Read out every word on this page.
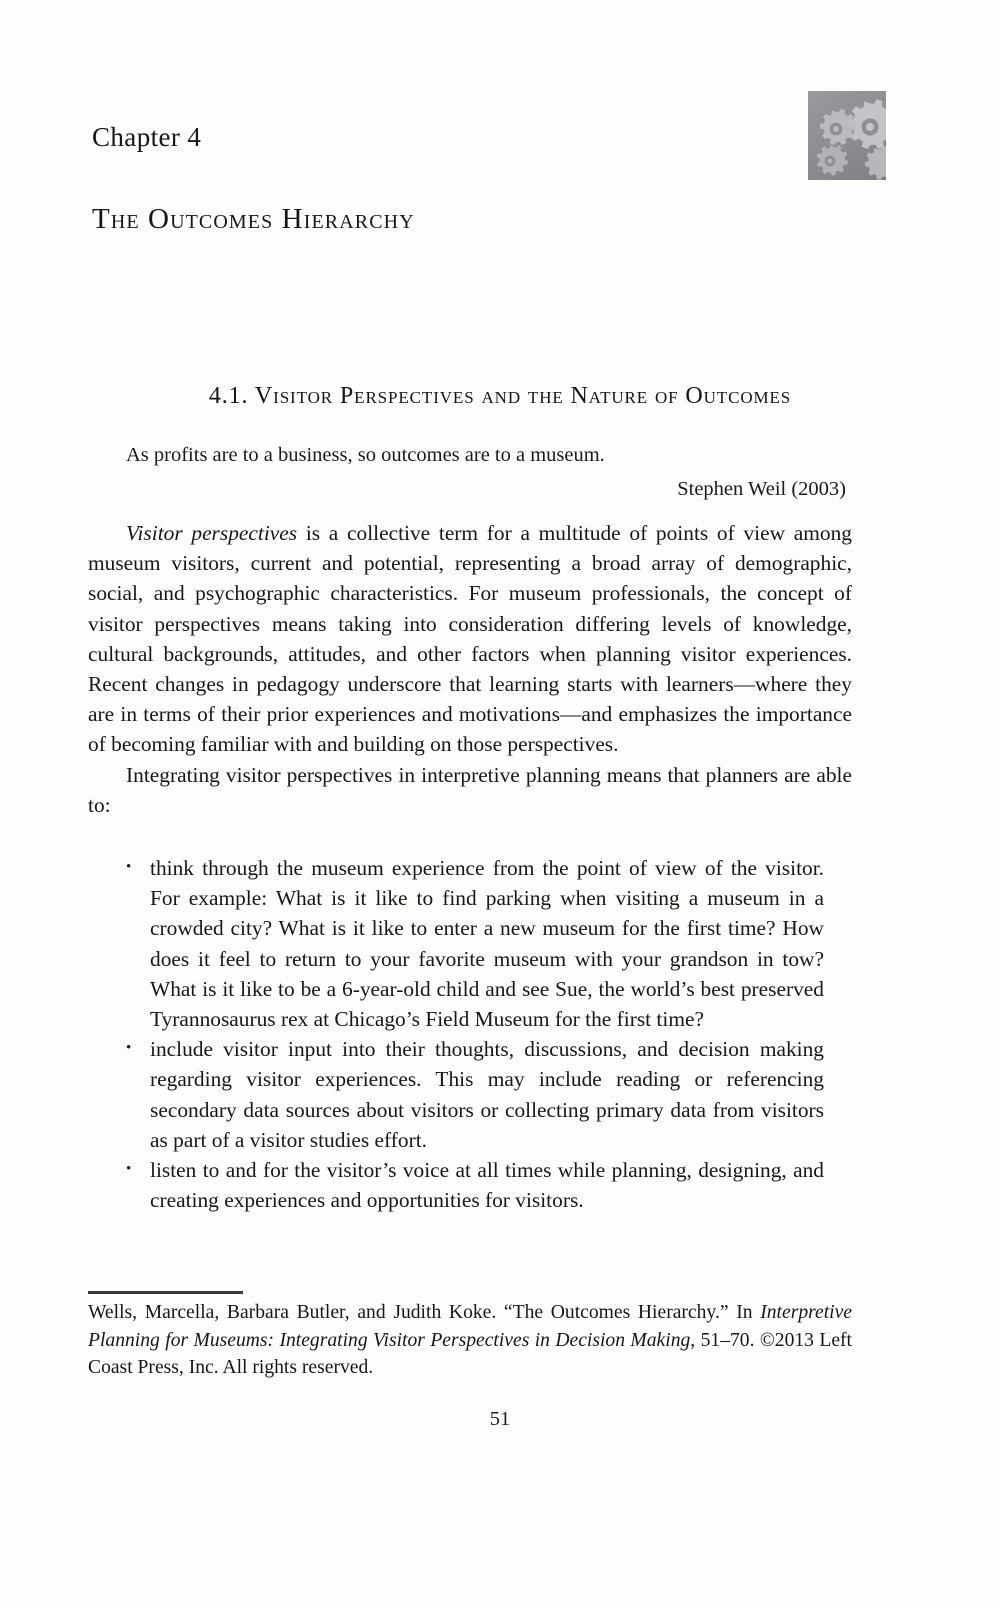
Chapter 4
The Outcomes Hierarchy
4.1. Visitor Perspectives and the Nature of Outcomes
As profits are to a business, so outcomes are to a museum.
Stephen Weil (2003)

Visitor perspectives is a collective term for a multitude of points of view among museum visitors, current and potential, representing a broad array of demographic, social, and psychographic characteristics. For museum professionals, the concept of visitor perspectives means taking into consideration differing levels of knowledge, cultural backgrounds, attitudes, and other factors when planning visitor experiences. Recent changes in pedagogy underscore that learning starts with learners—where they are in terms of their prior experiences and motivations—and emphasizes the importance of becoming familiar with and building on those perspectives.

Integrating visitor perspectives in interpretive planning means that planners are able to:

• think through the museum experience from the point of view of the visitor. For example: What is it like to find parking when visiting a museum in a crowded city? What is it like to enter a new museum for the first time? How does it feel to return to your favorite museum with your grandson in tow? What is it like to be a 6-year-old child and see Sue, the world’s best preserved Tyrannosaurus rex at Chicago’s Field Museum for the first time?
• include visitor input into their thoughts, discussions, and decision making regarding visitor experiences. This may include reading or referencing secondary data sources about visitors or collecting primary data from visitors as part of a visitor studies effort.
• listen to and for the visitor’s voice at all times while planning, designing, and creating experiences and opportunities for visitors.
Wells, Marcella, Barbara Butler, and Judith Koke. “The Outcomes Hierarchy.” In Interpretive Planning for Museums: Integrating Visitor Perspectives in Decision Making, 51–70. ©2013 Left Coast Press, Inc. All rights reserved.
51
